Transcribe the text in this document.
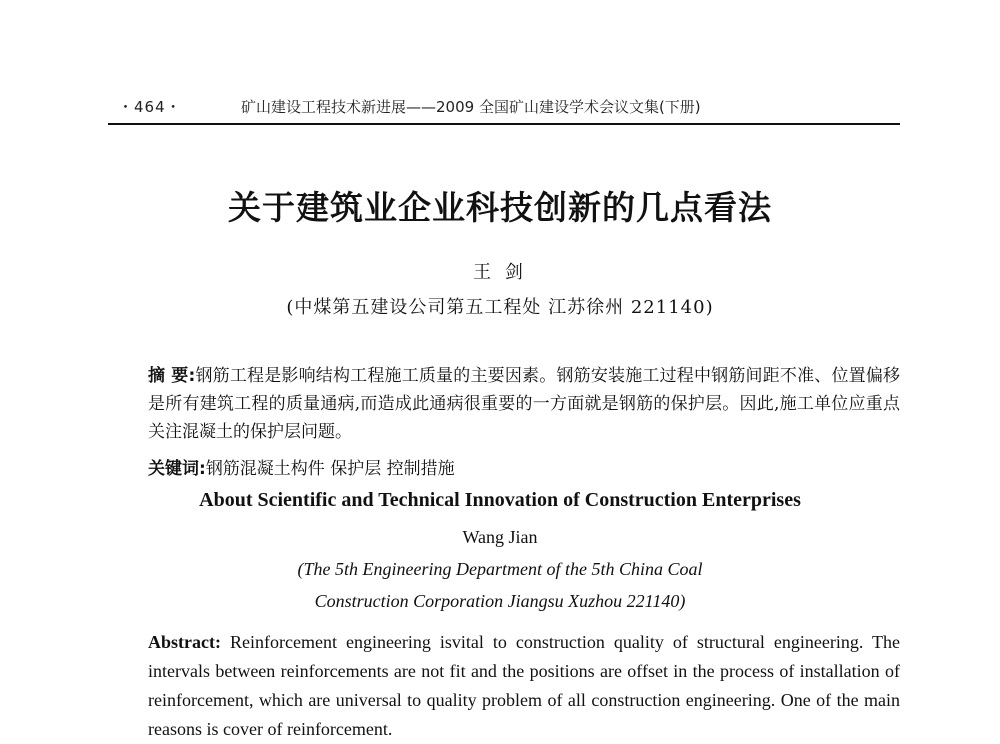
・464・	矿山建设工程技术新进展——2009 全国矿山建设学术会议文集(下册)
关于建筑业企业科技创新的几点看法
王 剑
(中煤第五建设公司第五工程处 江苏徐州 221140)
摘 要:钢筋工程是影响结构工程施工质量的主要因素。钢筋安装施工过程中钢筋间距不准、位置偏移是所有建筑工程的质量通病,而造成此通病很重要的一方面就是钢筋的保护层。因此,施工单位应重点关注混凝土的保护层问题。
关键词:钢筋混凝土构件 保护层 控制措施
About Scientific and Technical Innovation of Construction Enterprises
Wang Jian
(The 5th Engineering Department of the 5th China Coal
Construction Corporation Jiangsu Xuzhou 221140)
Abstract: Reinforcement engineering isvital to construction quality of structural engineering. The intervals between reinforcements are not fit and the positions are offset in the process of installation of reinforcement, which are universal to quality problem of all construction engineering. One of the main reasons is cover of reinforcement.
